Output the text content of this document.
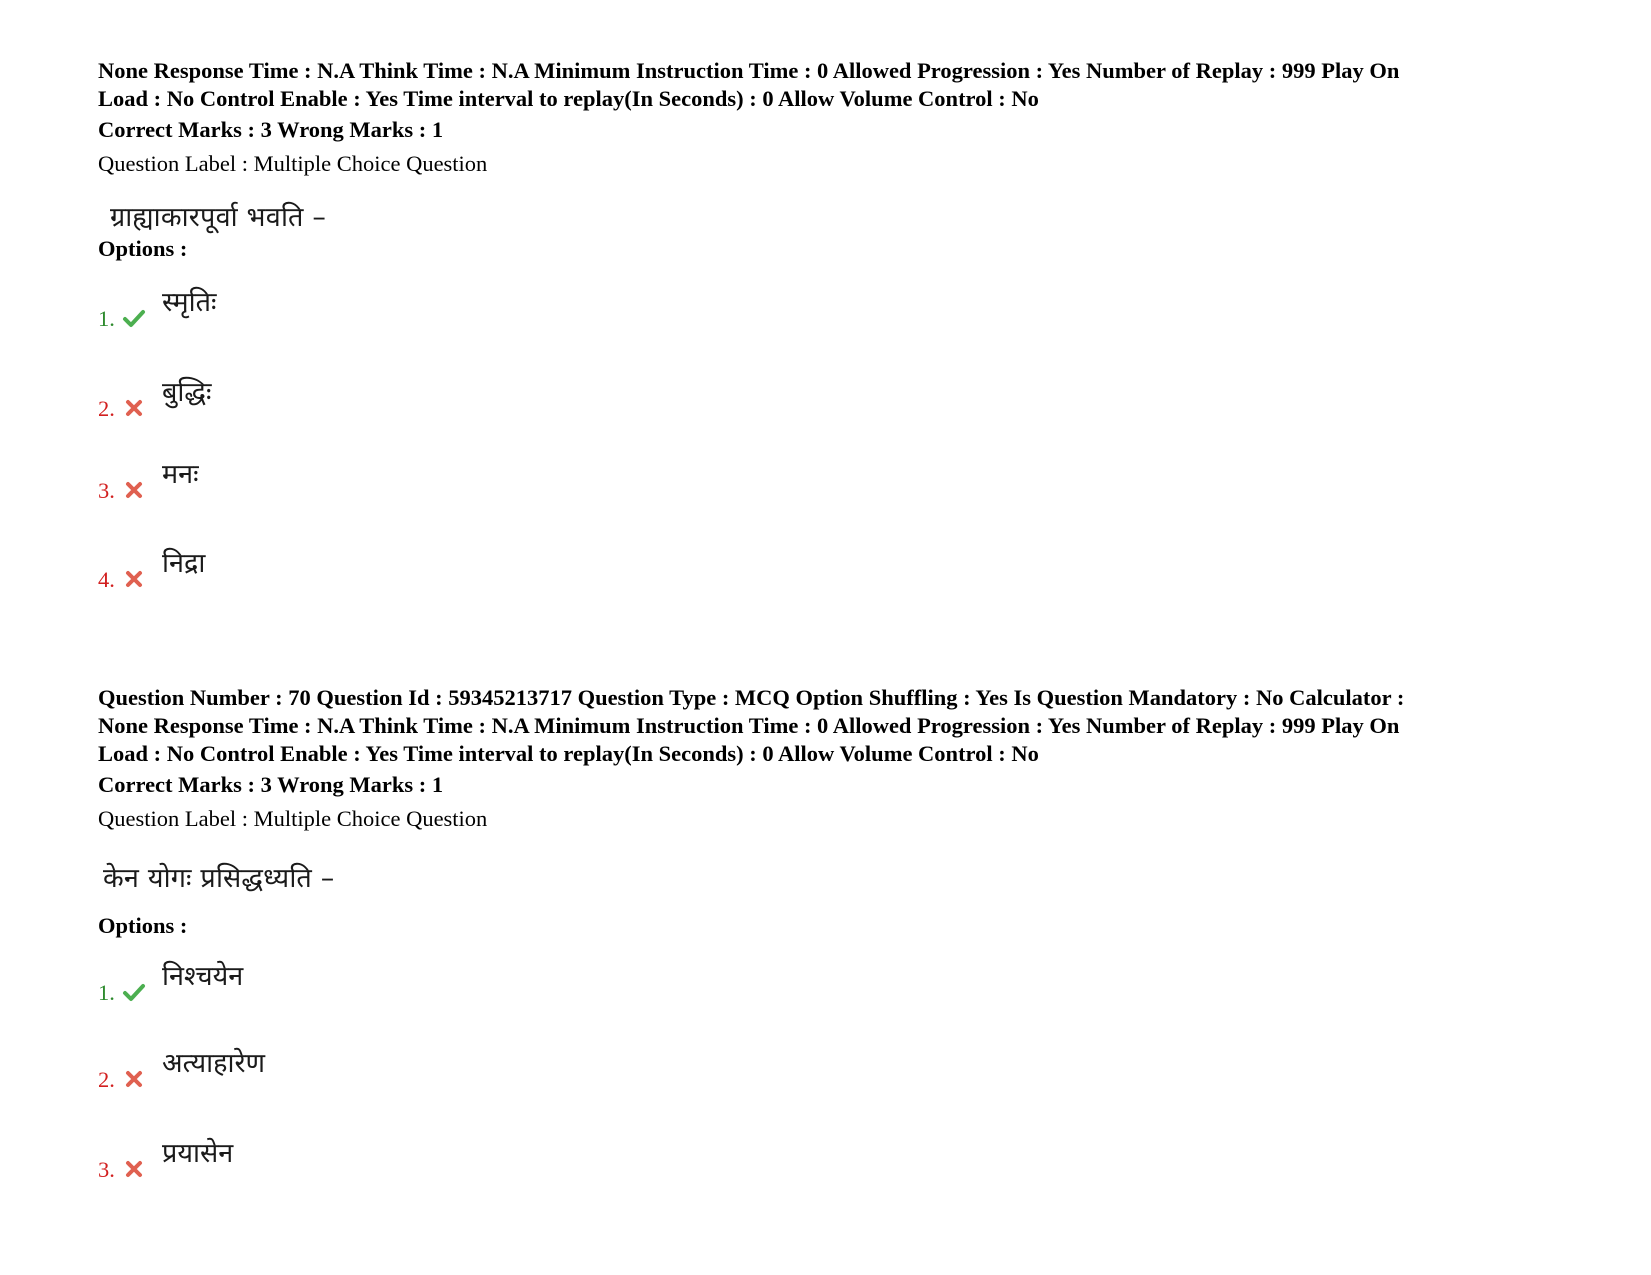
None Response Time : N.A Think Time : N.A Minimum Instruction Time : 0 Allowed Progression : Yes Number of Replay : 999 Play On
Load : No Control Enable : Yes Time interval to replay(In Seconds) : 0 Allow Volume Control : No
Correct Marks : 3 Wrong Marks : 1
Question Label : Multiple Choice Question
ग्राह्याकारपूर्वा भवति –
Options :
1.
स्मृतिः
2.
बुद्धिः
3.
मनः
4.
निद्रा
Question Number : 70 Question Id : 59345213717 Question Type : MCQ Option Shuffling : Yes Is Question Mandatory : No Calculator :
None Response Time : N.A Think Time : N.A Minimum Instruction Time : 0 Allowed Progression : Yes Number of Replay : 999 Play On
Load : No Control Enable : Yes Time interval to replay(In Seconds) : 0 Allow Volume Control : No
Correct Marks : 3 Wrong Marks : 1
Question Label : Multiple Choice Question
केन योगः प्रसिद्धध्यति –
Options :
1.
निश्चयेन
2.
अत्याहारेण
3.
प्रयासेन
